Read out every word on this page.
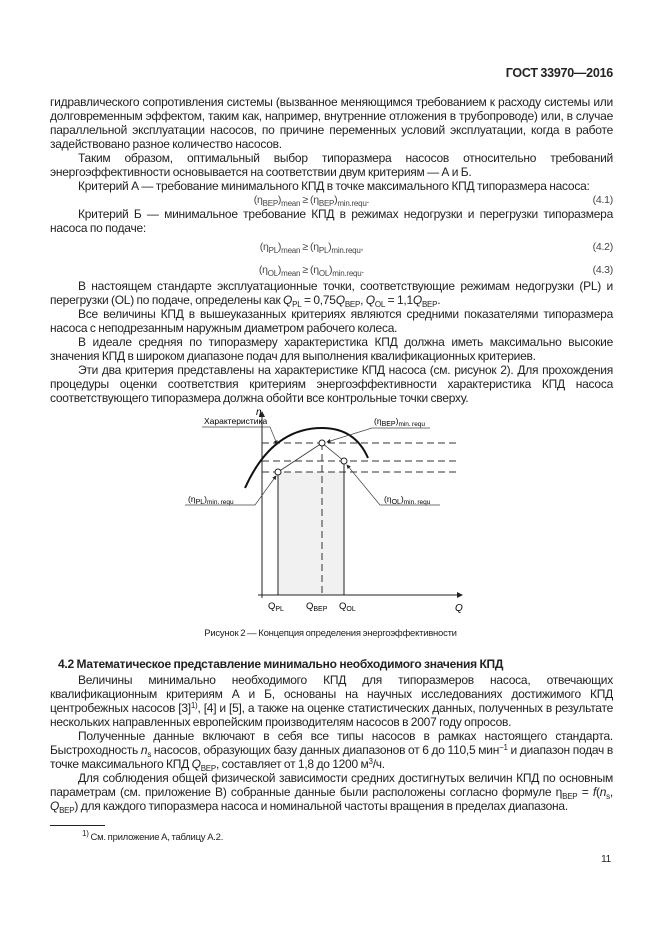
ГОСТ 33970—2016

гидравлического сопротивления системы (вызванное меняющимся требованием к расходу системы или долговременным эффектом, таким как, например, внутренние отложения в трубопроводе) или, в случае параллельной эксплуатации насосов, по причине переменных условий эксплуатации, когда в работе задействовано разное количество насосов.

Таким образом, оптимальный выбор типоразмера насосов относительно требований энергоэффективности основывается на соответствии двум критериям — А и Б.

Критерий А — требование минимального КПД в точке максимального КПД типоразмера насоса:

$(\eta_{BEP})_{mean} \ge (\eta_{BEP})_{min.requ}$.	(4.1)

Критерий Б — минимальное требование КПД в режимах недогрузки и перегрузки типоразмера насоса по подаче:

$(\eta_{PL})_{mean} \ge (\eta_{PL})_{min.requ}$,	(4.2)
$(\eta_{OL})_{mean} \ge (\eta_{OL})_{min.requ}$.	(4.3)

В настоящем стандарте эксплуатационные точки, соответствующие режимам недогрузки (PL) и перегрузки (OL) по подаче, определены как $Q_{PL} = 0,75Q_{BEP}$, $Q_{OL} = 1,1Q_{BEP}$.

Все величины КПД в вышеуказанных критериях являются средними показателями типоразмера насоса с неподрезанным наружным диаметром рабочего колеса.

В идеале средняя по типоразмеру характеристика КПД должна иметь максимально высокие значения КПД в широком диапазоне подач для выполнения квалификационных критериев.

Эти два критерия представлены на характеристике КПД насоса (см. рисунок 2). Для прохождения процедуры оценки соответствия критериям энергоэффективности характеристика КПД насоса соответствующего типоразмера должна обойти все контрольные точки сверху.

η
Q
Характеристика	$(\eta_{BEP})_{min. requ}$
$(\eta_{PL})_{min. requ}$	$(\eta_{OL})_{min. requ}$
$Q_{PL}$ $Q_{BEP}$ $Q_{OL}$
Рисунок 2 — Концепция определения энергоэффективности
4.2 Математическое представление минимально необходимого значения КПД

Величины минимально необходимого КПД для типоразмеров насоса, отвечающих квалификационным критериям А и Б, основаны на научных исследованиях достижимого КПД центробежных насосов $[3]^{1)}$, [4] и [5], а также на оценке статистических данных, полученных в результате нескольких направленных европейским производителям насосов в 2007 году опросов.

Полученные данные включают в себя все типы насосов в рамках настоящего стандарта. Быстроходность $n_s$ насосов, образующих базу данных диапазонов от 6 до 110,5 мин$^{-1}$ и диапазон подач в точке максимального КПД $Q_{BEP}$, составляет от 1,8 до 1200 $м^3/ч$.

Для соблюдения общей физической зависимости средних достигнутых величин КПД по основным параметрам (см. приложение В) собранные данные были расположены согласно формуле $\eta_{BEP} = f(n_s$, $Q_{BEP}$) для каждого типоразмера насоса и номинальной частоты вращения в пределах диапазона.

$^{1)}$ См. приложение А, таблицу А.2.
11
